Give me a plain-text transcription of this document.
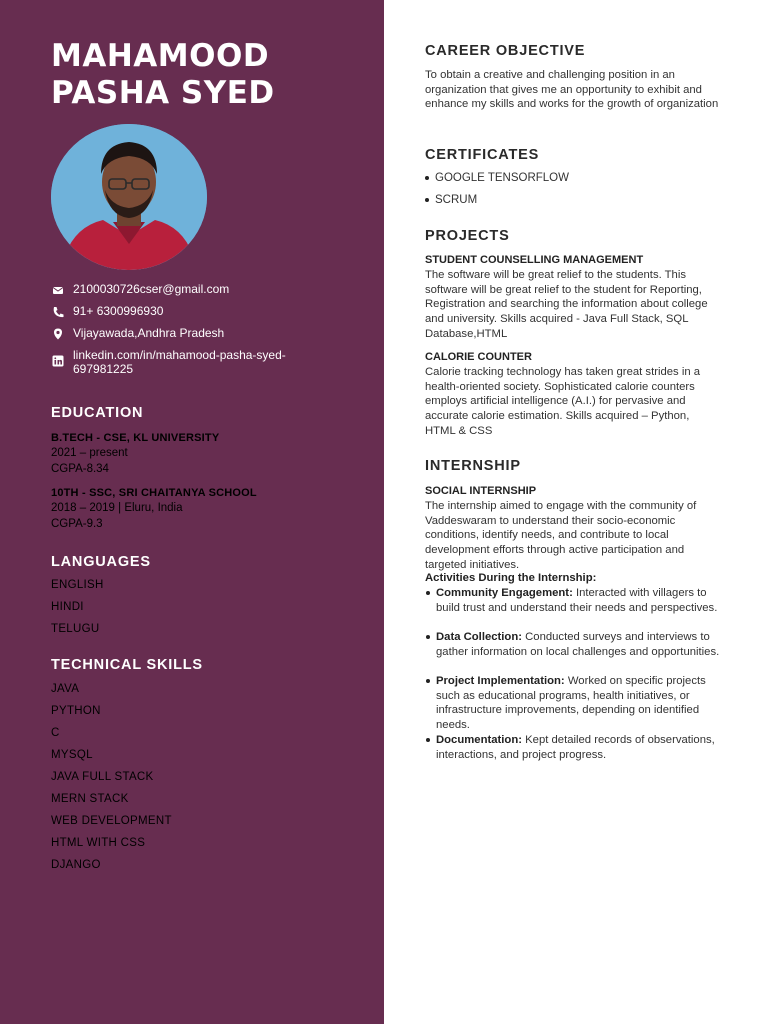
MAHAMOOD
PASHA SYED
2100030726cser@gmail.com
91+ 6300996930
Vijayawada,Andhra Pradesh
linkedin.com/in/mahamood-pasha-syed-697981225
EDUCATION
B.TECH - CSE, KL UNIVERSITY
2021 – present
CGPA-8.34
10TH - SSC, SRI CHAITANYA SCHOOL
2018 – 2019 | Eluru, India
CGPA-9.3
LANGUAGES
ENGLISH
HINDI
TELUGU
TECHNICAL SKILLS
JAVA
PYTHON
C
MYSQL
JAVA FULL STACK
MERN STACK
WEB DEVELOPMENT
HTML WITH CSS
DJANGO
CAREER OBJECTIVE
To obtain a creative and challenging position in an organization that gives me an opportunity to exhibit and enhance my skills and works for the growth of organization
CERTIFICATES
GOOGLE TENSORFLOW
SCRUM
PROJECTS
STUDENT COUNSELLING MANAGEMENT
The software will be great relief to the students. This software will be great relief to the student for Reporting, Registration and searching the information about college and university. Skills acquired - Java Full Stack, SQL Database,HTML
CALORIE COUNTER
Calorie tracking technology has taken great strides in a health-oriented society. Sophisticated calorie counters employs artificial intelligence (A.I.) for pervasive and accurate calorie estimation. Skills acquired – Python, HTML & CSS
INTERNSHIP
SOCIAL INTERNSHIP
The internship aimed to engage with the community of Vaddeswaram to understand their socio-economic conditions, identify needs, and contribute to local development efforts through active participation and targeted initiatives.
Activities During the Internship:
Community Engagement: Interacted with villagers to build trust and understand their needs and perspectives.
Data Collection: Conducted surveys and interviews to gather information on local challenges and opportunities.
Project Implementation: Worked on specific projects such as educational programs, health initiatives, or infrastructure improvements, depending on identified needs.
Documentation: Kept detailed records of observations, interactions, and project progress.
